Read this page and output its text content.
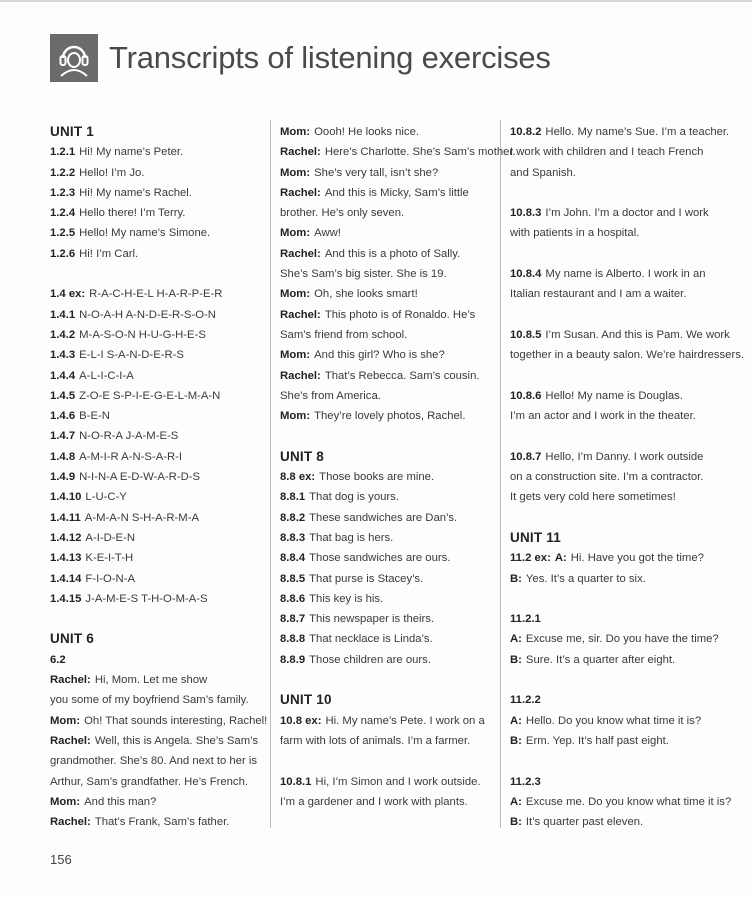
Transcripts of listening exercises
UNIT 1
1.2.1 Hi! My name’s Peter.
1.2.2 Hello! I’m Jo.
1.2.3 Hi! My name’s Rachel.
1.2.4 Hello there! I’m Terry.
1.2.5 Hello! My name’s Simone.
1.2.6 Hi! I’m Carl.
1.4 ex: R-A-C-H-E-L H-A-R-P-E-R
1.4.1 N-O-A-H A-N-D-E-R-S-O-N
1.4.2 M-A-S-O-N H-U-G-H-E-S
1.4.3 E-L-I S-A-N-D-E-R-S
1.4.4 A-L-I-C-I-A
1.4.5 Z-O-E S-P-I-E-G-E-L-M-A-N
1.4.6 B-E-N
1.4.7 N-O-R-A J-A-M-E-S
1.4.8 A-M-I-R A-N-S-A-R-I
1.4.9 N-I-N-A E-D-W-A-R-D-S
1.4.10 L-U-C-Y
1.4.11 A-M-A-N S-H-A-R-M-A
1.4.12 A-I-D-E-N
1.4.13 K-E-I-T-H
1.4.14 F-I-O-N-A
1.4.15 J-A-M-E-S T-H-O-M-A-S
UNIT 6
6.2
Rachel: Hi, Mom. Let me show
you some of my boyfriend Sam’s family.
Mom: Oh! That sounds interesting, Rachel!
Rachel: Well, this is Angela. She’s Sam’s
grandmother. She’s 80. And next to her is
Arthur, Sam’s grandfather. He’s French.
Mom: And this man?
Rachel: That’s Frank, Sam’s father.
Mom: Oooh! He looks nice.
Rachel: Here’s Charlotte. She’s Sam’s mother.
Mom: She’s very tall, isn’t she?
Rachel: And this is Micky, Sam’s little
brother. He’s only seven.
Mom: Aww!
Rachel: And this is a photo of Sally.
She’s Sam’s big sister. She is 19.
Mom: Oh, she looks smart!
Rachel: This photo is of Ronaldo. He’s
Sam’s friend from school.
Mom: And this girl? Who is she?
Rachel: That’s Rebecca. Sam’s cousin.
She’s from America.
Mom: They’re lovely photos, Rachel.
UNIT 8
8.8 ex: Those books are mine.
8.8.1 That dog is yours.
8.8.2 These sandwiches are Dan’s.
8.8.3 That bag is hers.
8.8.4 Those sandwiches are ours.
8.8.5 That purse is Stacey’s.
8.8.6 This key is his.
8.8.7 This newspaper is theirs.
8.8.8 That necklace is Linda’s.
8.8.9 Those children are ours.
UNIT 10
10.8 ex: Hi. My name’s Pete. I work on a
farm with lots of animals. I’m a farmer.
10.8.1 Hi, I’m Simon and I work outside.
I’m a gardener and I work with plants.
10.8.2 Hello. My name’s Sue. I’m a teacher.
I work with children and I teach French
and Spanish.
10.8.3 I’m John. I’m a doctor and I work
with patients in a hospital.
10.8.4 My name is Alberto. I work in an
Italian restaurant and I am a waiter.
10.8.5 I’m Susan. And this is Pam. We work
together in a beauty salon. We’re hairdressers.
10.8.6 Hello! My name is Douglas.
I’m an actor and I work in the theater.
10.8.7 Hello, I’m Danny. I work outside
on a construction site. I’m a contractor.
It gets very cold here sometimes!
UNIT 11
11.2 ex: A: Hi. Have you got the time?
B: Yes. It’s a quarter to six.
11.2.1
A: Excuse me, sir. Do you have the time?
B: Sure. It’s a quarter after eight.
11.2.2
A: Hello. Do you know what time it is?
B: Erm. Yep. It’s half past eight.
11.2.3
A: Excuse me. Do you know what time it is?
B: It’s quarter past eleven.
156
